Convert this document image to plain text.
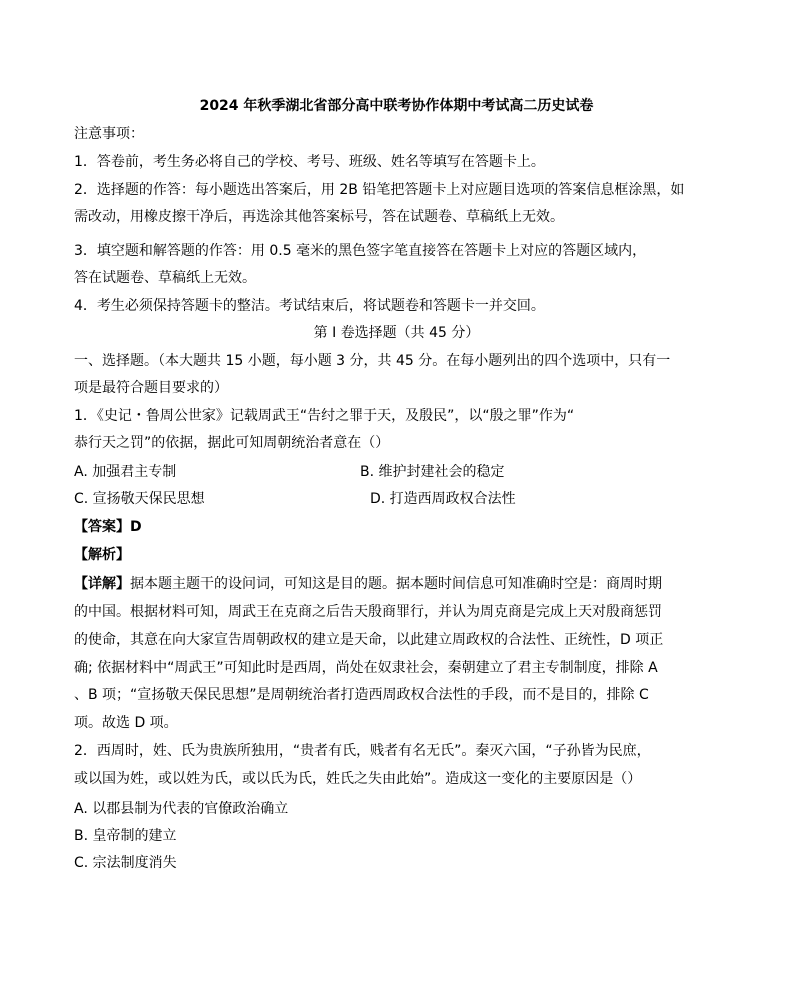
2024 年秋季湖北省部分高中联考协作体期中考试高二历史试卷
注意事项：
1．答卷前，考生务必将自己的学校、考号、班级、姓名等填写在答题卡上。
2．选择题的作答：每小题选出答案后，用 2B 铅笔把答题卡上对应题目选项的答案信息框涂黑，如
需改动，用橡皮擦干净后，再选涂其他答案标号，答在试题卷、草稿纸上无效。
3．填空题和解答题的作答：用 0.5 毫米的黑色签字笔直接答在答题卡上对应的答题区域内，
答在试题卷、草稿纸上无效。
4．考生必须保持答题卡的整洁。考试结束后，将试题卷和答题卡一并交回。
第 I 卷选择题（共 45 分）
一、选择题。（本大题共 15 小题，每小题 3 分，共 45 分。在每小题列出的四个选项中，只有一
项是最符合题目要求的）
1．《史记・鲁周公世家》记载周武王“告纣之罪于天，及殷民”，以“殷之罪”作为“
恭行天之罚”的依据，据此可知周朝统治者意在（）
A. 加强君主专制	B. 维护封建社会的稳定
C. 宣扬敬天保民思想	D. 打造西周政权合法性
【答案】D
【解析】
【详解】据本题主题干的设问词，可知这是目的题。据本题时间信息可知准确时空是：商周时期
的中国。根据材料可知，周武王在克商之后告天殷商罪行，并认为周克商是完成上天对殷商惩罚
的使命，其意在向大家宣告周朝政权的建立是天命，以此建立周政权的合法性、正统性，D 项正
确; 依据材料中“周武王”可知此时是西周，尚处在奴隶社会，秦朝建立了君主专制制度，排除 A
、B 项；“宣扬敬天保民思想”是周朝统治者打造西周政权合法性的手段，而不是目的，排除 C
项。故选 D 项。
2．西周时，姓、氏为贵族所独用，“贵者有氏，贱者有名无氏”。秦灭六国，“子孙皆为民庶，
或以国为姓，或以姓为氏，或以氏为氏，姓氏之失由此始”。造成这一变化的主要原因是（）
A. 以郡县制为代表的官僚政治确立
B. 皇帝制的建立
C. 宗法制度消失
